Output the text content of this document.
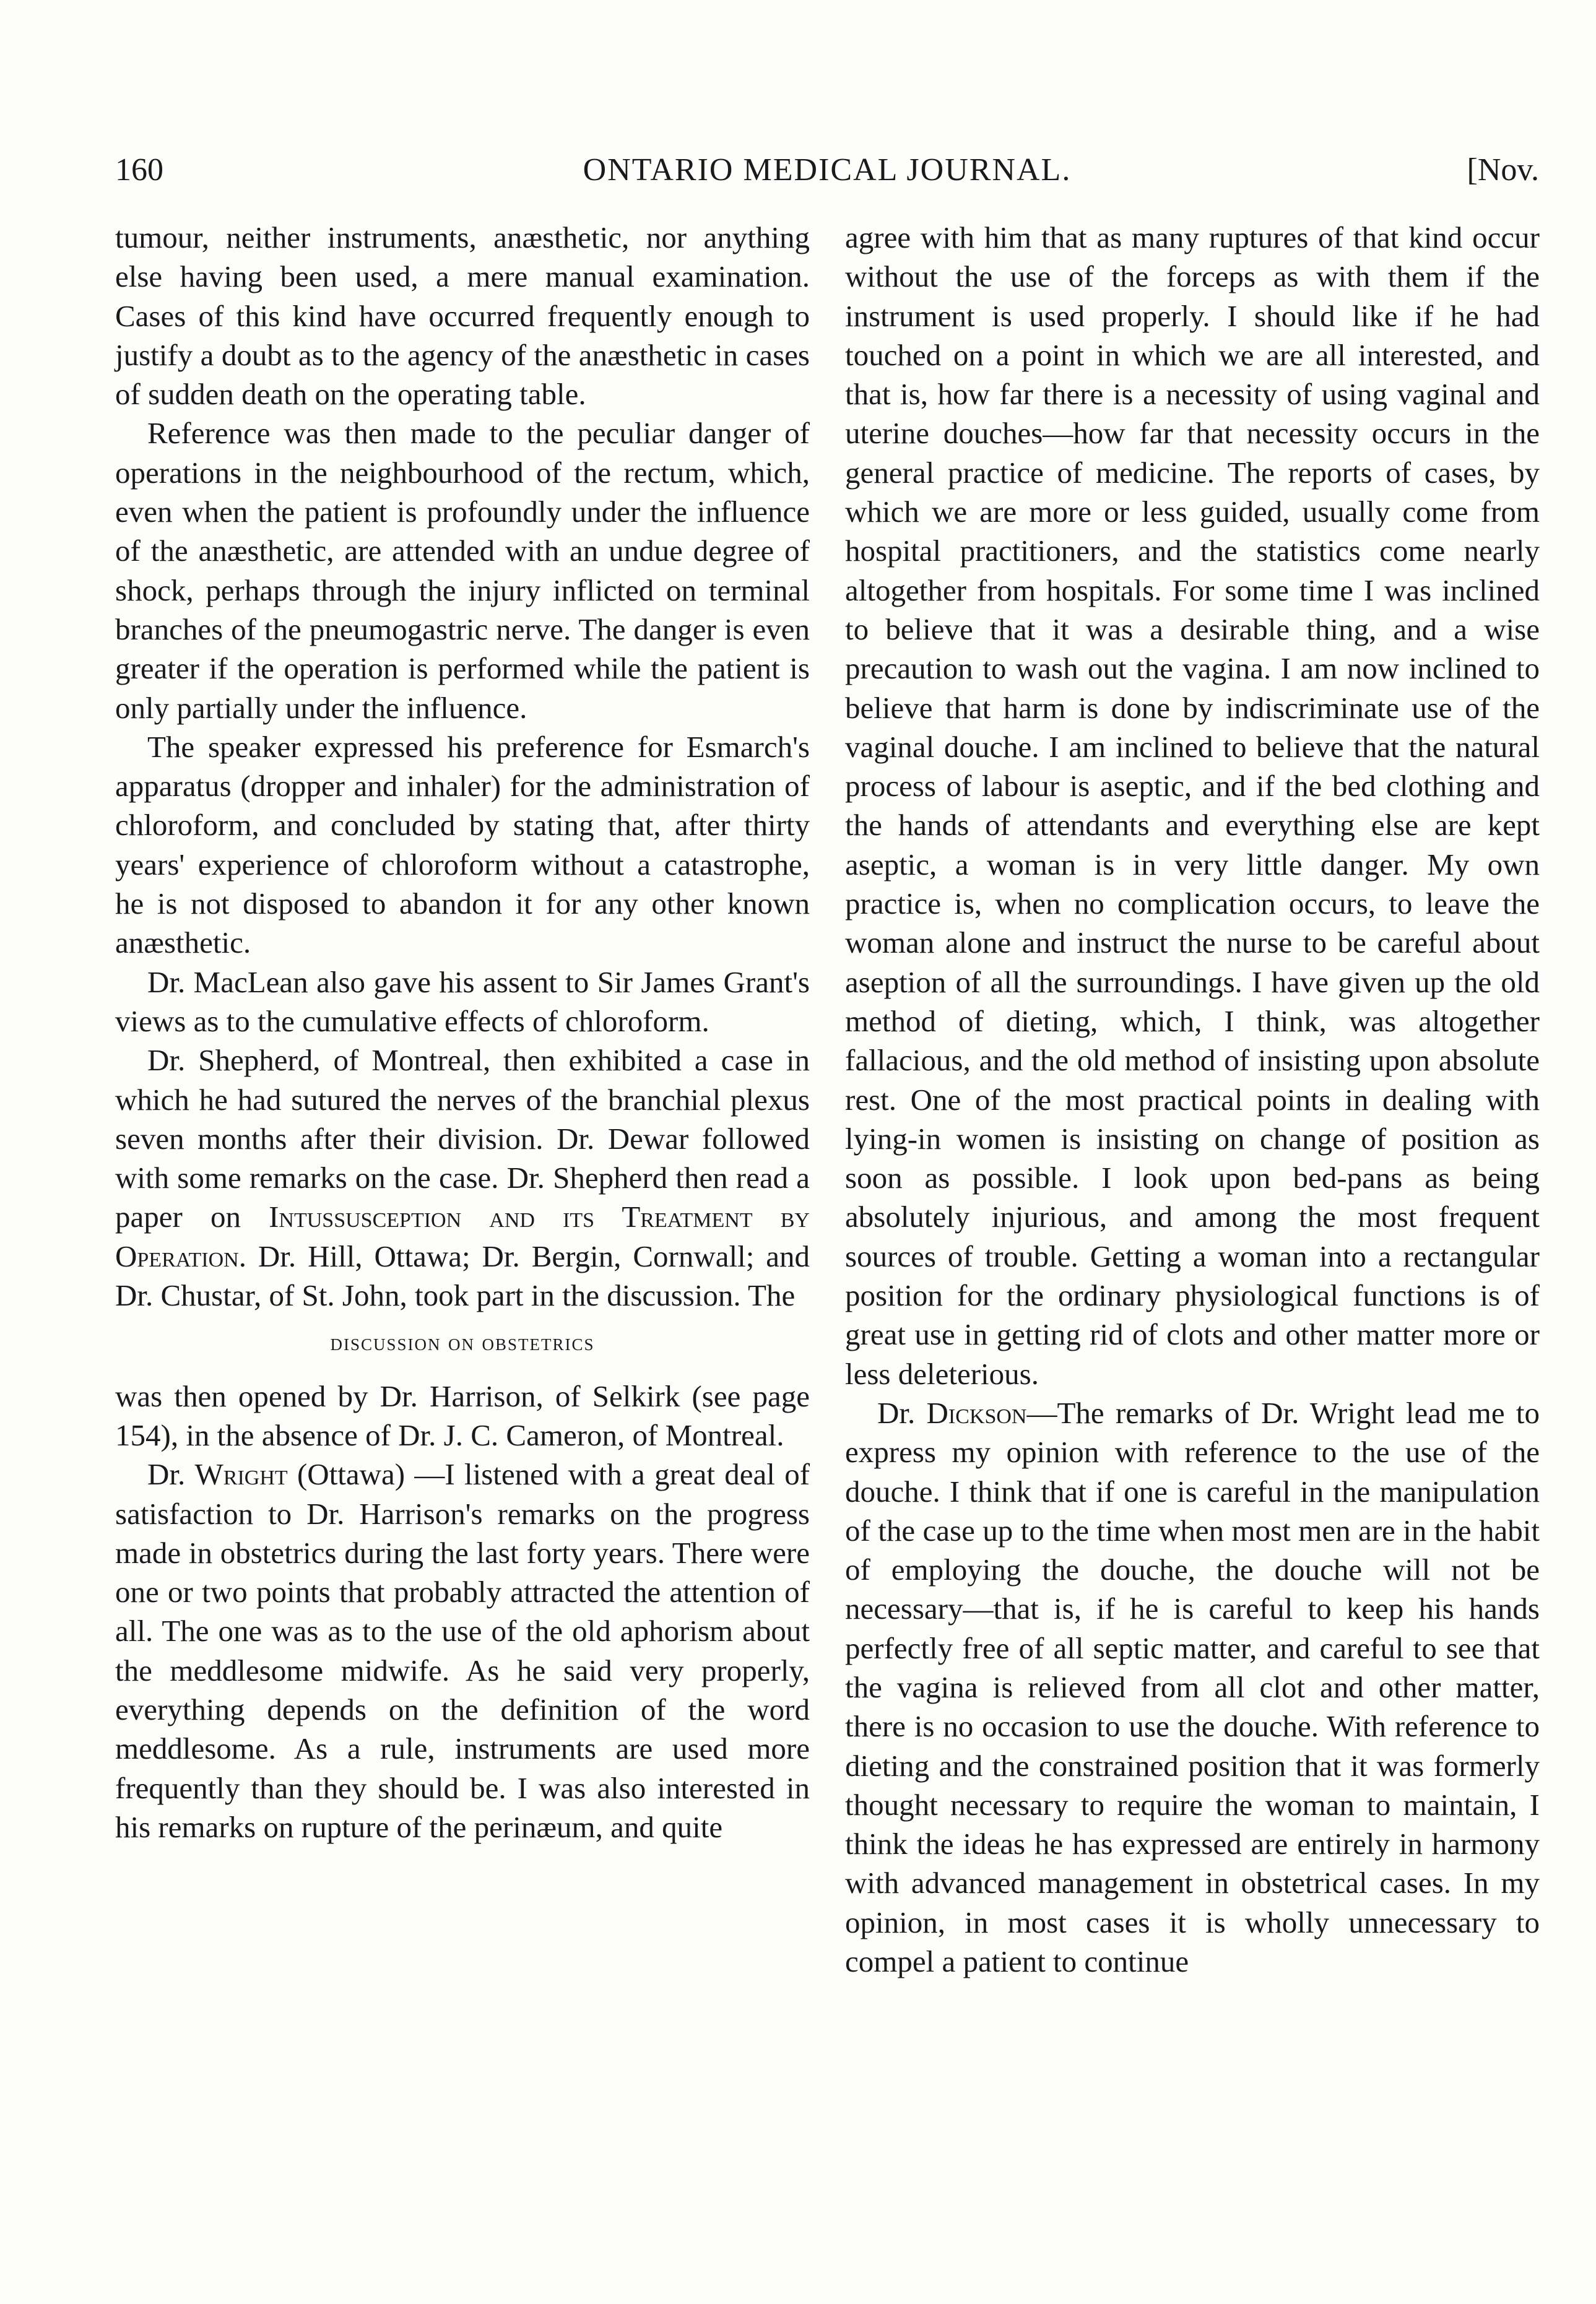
160	ONTARIO MEDICAL JOURNAL.	[Nov.

tumour, neither instruments, anæsthetic, nor anything else having been used, a mere manual examination. Cases of this kind have occurred frequently enough to justify a doubt as to the agency of the anæsthetic in cases of sudden death on the operating table.

Reference was then made to the peculiar danger of operations in the neighbourhood of the rectum, which, even when the patient is profoundly under the influence of the anæsthetic, are attended with an undue degree of shock, perhaps through the injury inflicted on terminal branches of the pneumogastric nerve. The danger is even greater if the operation is performed while the patient is only partially under the influence.

The speaker expressed his preference for Esmarch's apparatus (dropper and inhaler) for the administration of chloroform, and concluded by stating that, after thirty years' experience of chloroform without a catastrophe, he is not disposed to abandon it for any other known anæsthetic.

Dr. MacLean also gave his assent to Sir James Grant's views as to the cumulative effects of chloroform.

Dr. Shepherd, of Montreal, then exhibited a case in which he had sutured the nerves of the branchial plexus seven months after their division. Dr. Dewar followed with some remarks on the case. Dr. Shepherd then read a paper on Intussusception and its Treatment by Operation. Dr. Hill, Ottawa; Dr. Bergin, Cornwall; and Dr. Chustar, of St. John, took part in the discussion. The

discussion on obstetrics

was then opened by Dr. Harrison, of Selkirk (see page 154), in the absence of Dr. J. C. Cameron, of Montreal.

Dr. Wright (Ottawa) —I listened with a great deal of satisfaction to Dr. Harrison's remarks on the progress made in obstetrics during the last forty years. There were one or two points that probably attracted the attention of all. The one was as to the use of the old aphorism about the meddlesome midwife. As he said very properly, everything depends on the definition of the word meddlesome. As a rule, instruments are used more frequently than they should be. I was also interested in his remarks on rupture of the perinæum, and quite

agree with him that as many ruptures of that kind occur without the use of the forceps as with them if the instrument is used properly. I should like if he had touched on a point in which we are all interested, and that is, how far there is a necessity of using vaginal and uterine douches—how far that necessity occurs in the general practice of medicine. The reports of cases, by which we are more or less guided, usually come from hospital practitioners, and the statistics come nearly altogether from hospitals. For some time I was inclined to believe that it was a desirable thing, and a wise precaution to wash out the vagina. I am now inclined to believe that harm is done by indiscriminate use of the vaginal douche. I am inclined to believe that the natural process of labour is aseptic, and if the bed clothing and the hands of attendants and everything else are kept aseptic, a woman is in very little danger. My own practice is, when no complication occurs, to leave the woman alone and instruct the nurse to be careful about aseption of all the surroundings. I have given up the old method of dieting, which, I think, was altogether fallacious, and the old method of insisting upon absolute rest. One of the most practical points in dealing with lying-in women is insisting on change of position as soon as possible. I look upon bed-pans as being absolutely injurious, and among the most frequent sources of trouble. Getting a woman into a rectangular position for the ordinary physiological functions is of great use in getting rid of clots and other matter more or less deleterious.

Dr. Dickson—The remarks of Dr. Wright lead me to express my opinion with reference to the use of the douche. I think that if one is careful in the manipulation of the case up to the time when most men are in the habit of employing the douche, the douche will not be necessary—that is, if he is careful to keep his hands perfectly free of all septic matter, and careful to see that the vagina is relieved from all clot and other matter, there is no occasion to use the douche. With reference to dieting and the constrained position that it was formerly thought necessary to require the woman to maintain, I think the ideas he has expressed are entirely in harmony with advanced management in obstetrical cases. In my opinion, in most cases it is wholly unnecessary to compel a patient to continue
